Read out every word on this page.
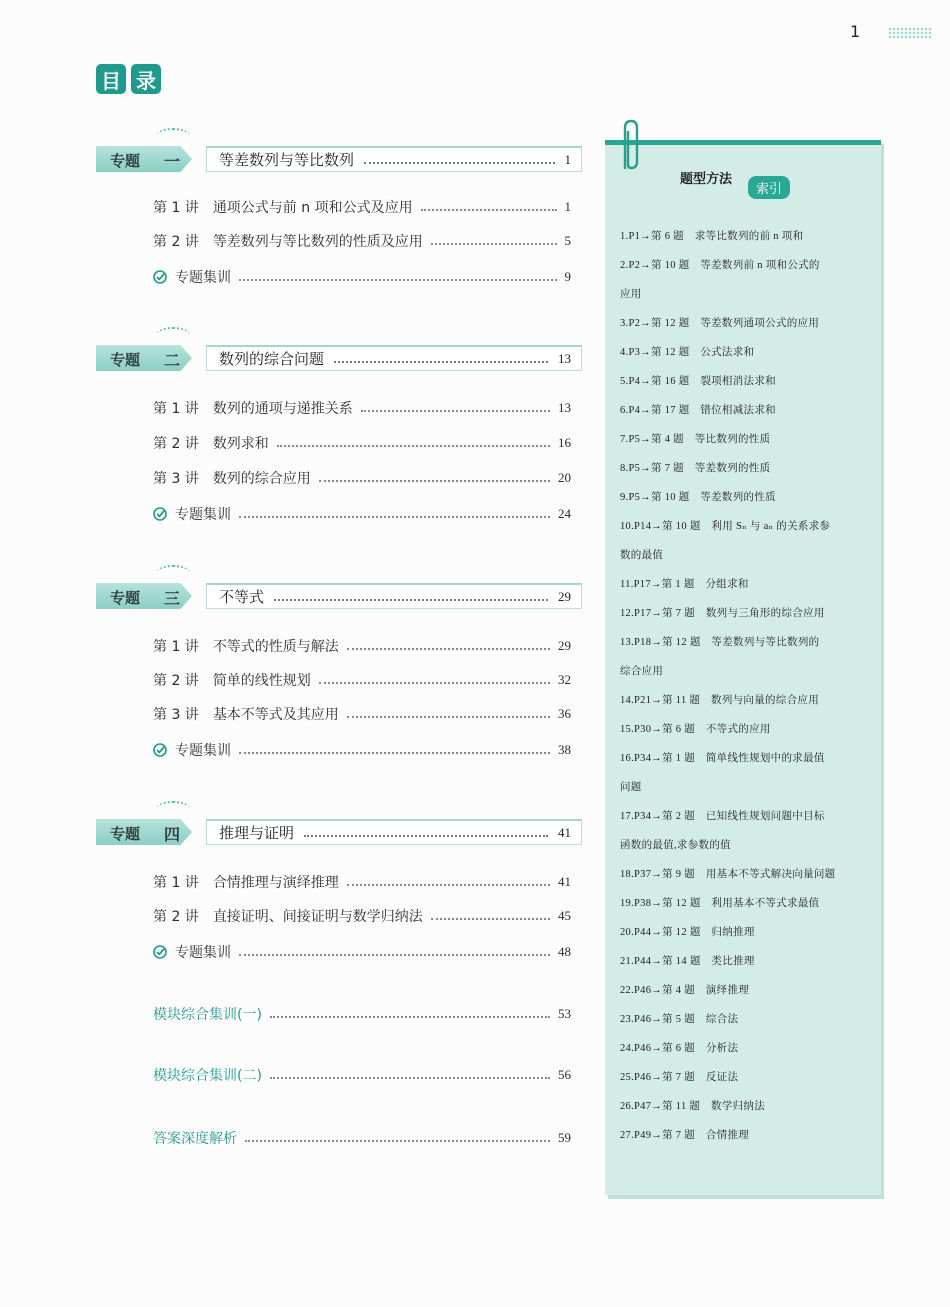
1
目 录
专题 一	等差数列与等比数列	1
第 1 讲 通项公式与前 n 项和公式及应用	1
第 2 讲 等差数列与等比数列的性质及应用	5
专题集训	9
专题 二	数列的综合问题	13
第 1 讲 数列的通项与递推关系	13
第 2 讲 数列求和	16
第 3 讲 数列的综合应用	20
专题集训	24
专题 三	不等式	29
第 1 讲 不等式的性质与解法	29
第 2 讲 简单的线性规划	32
第 3 讲 基本不等式及其应用	36
专题集训	38
专题 四	推理与证明	41
第 1 讲 合情推理与演绎推理	41
第 2 讲 直接证明、间接证明与数学归纳法	45
专题集训	48
模块综合集训(一)	53
模块综合集训(二)	56
答案深度解析	59
题型方法
索引
1.P1→第 6 题　求等比数列的前 n 项和
2.P2→第 10 题　等差数列前 n 项和公式的
应用
3.P2→第 12 题　等差数列通项公式的应用
4.P3→第 12 题　公式法求和
5.P4→第 16 题　裂项相消法求和
6.P4→第 17 题　错位相减法求和
7.P5→第 4 题　等比数列的性质
8.P5→第 7 题　等差数列的性质
9.P5→第 10 题　等差数列的性质
10.P14→第 10 题　利用 Sₙ 与 aₙ 的关系求参
数的最值
11.P17→第 1 题　分组求和
12.P17→第 7 题　数列与三角形的综合应用
13.P18→第 12 题　等差数列与等比数列的
综合应用
14.P21→第 11 题　数列与向量的综合应用
15.P30→第 6 题　不等式的应用
16.P34→第 1 题　简单线性规划中的求最值
问题
17.P34→第 2 题　已知线性规划问题中目标
函数的最值,求参数的值
18.P37→第 9 题　用基本不等式解决向量问题
19.P38→第 12 题　利用基本不等式求最值
20.P44→第 12 题　归纳推理
21.P44→第 14 题　类比推理
22.P46→第 4 题　演绎推理
23.P46→第 5 题　综合法
24.P46→第 6 题　分析法
25.P46→第 7 题　反证法
26.P47→第 11 题　数学归纳法
27.P49→第 7 题　合情推理
